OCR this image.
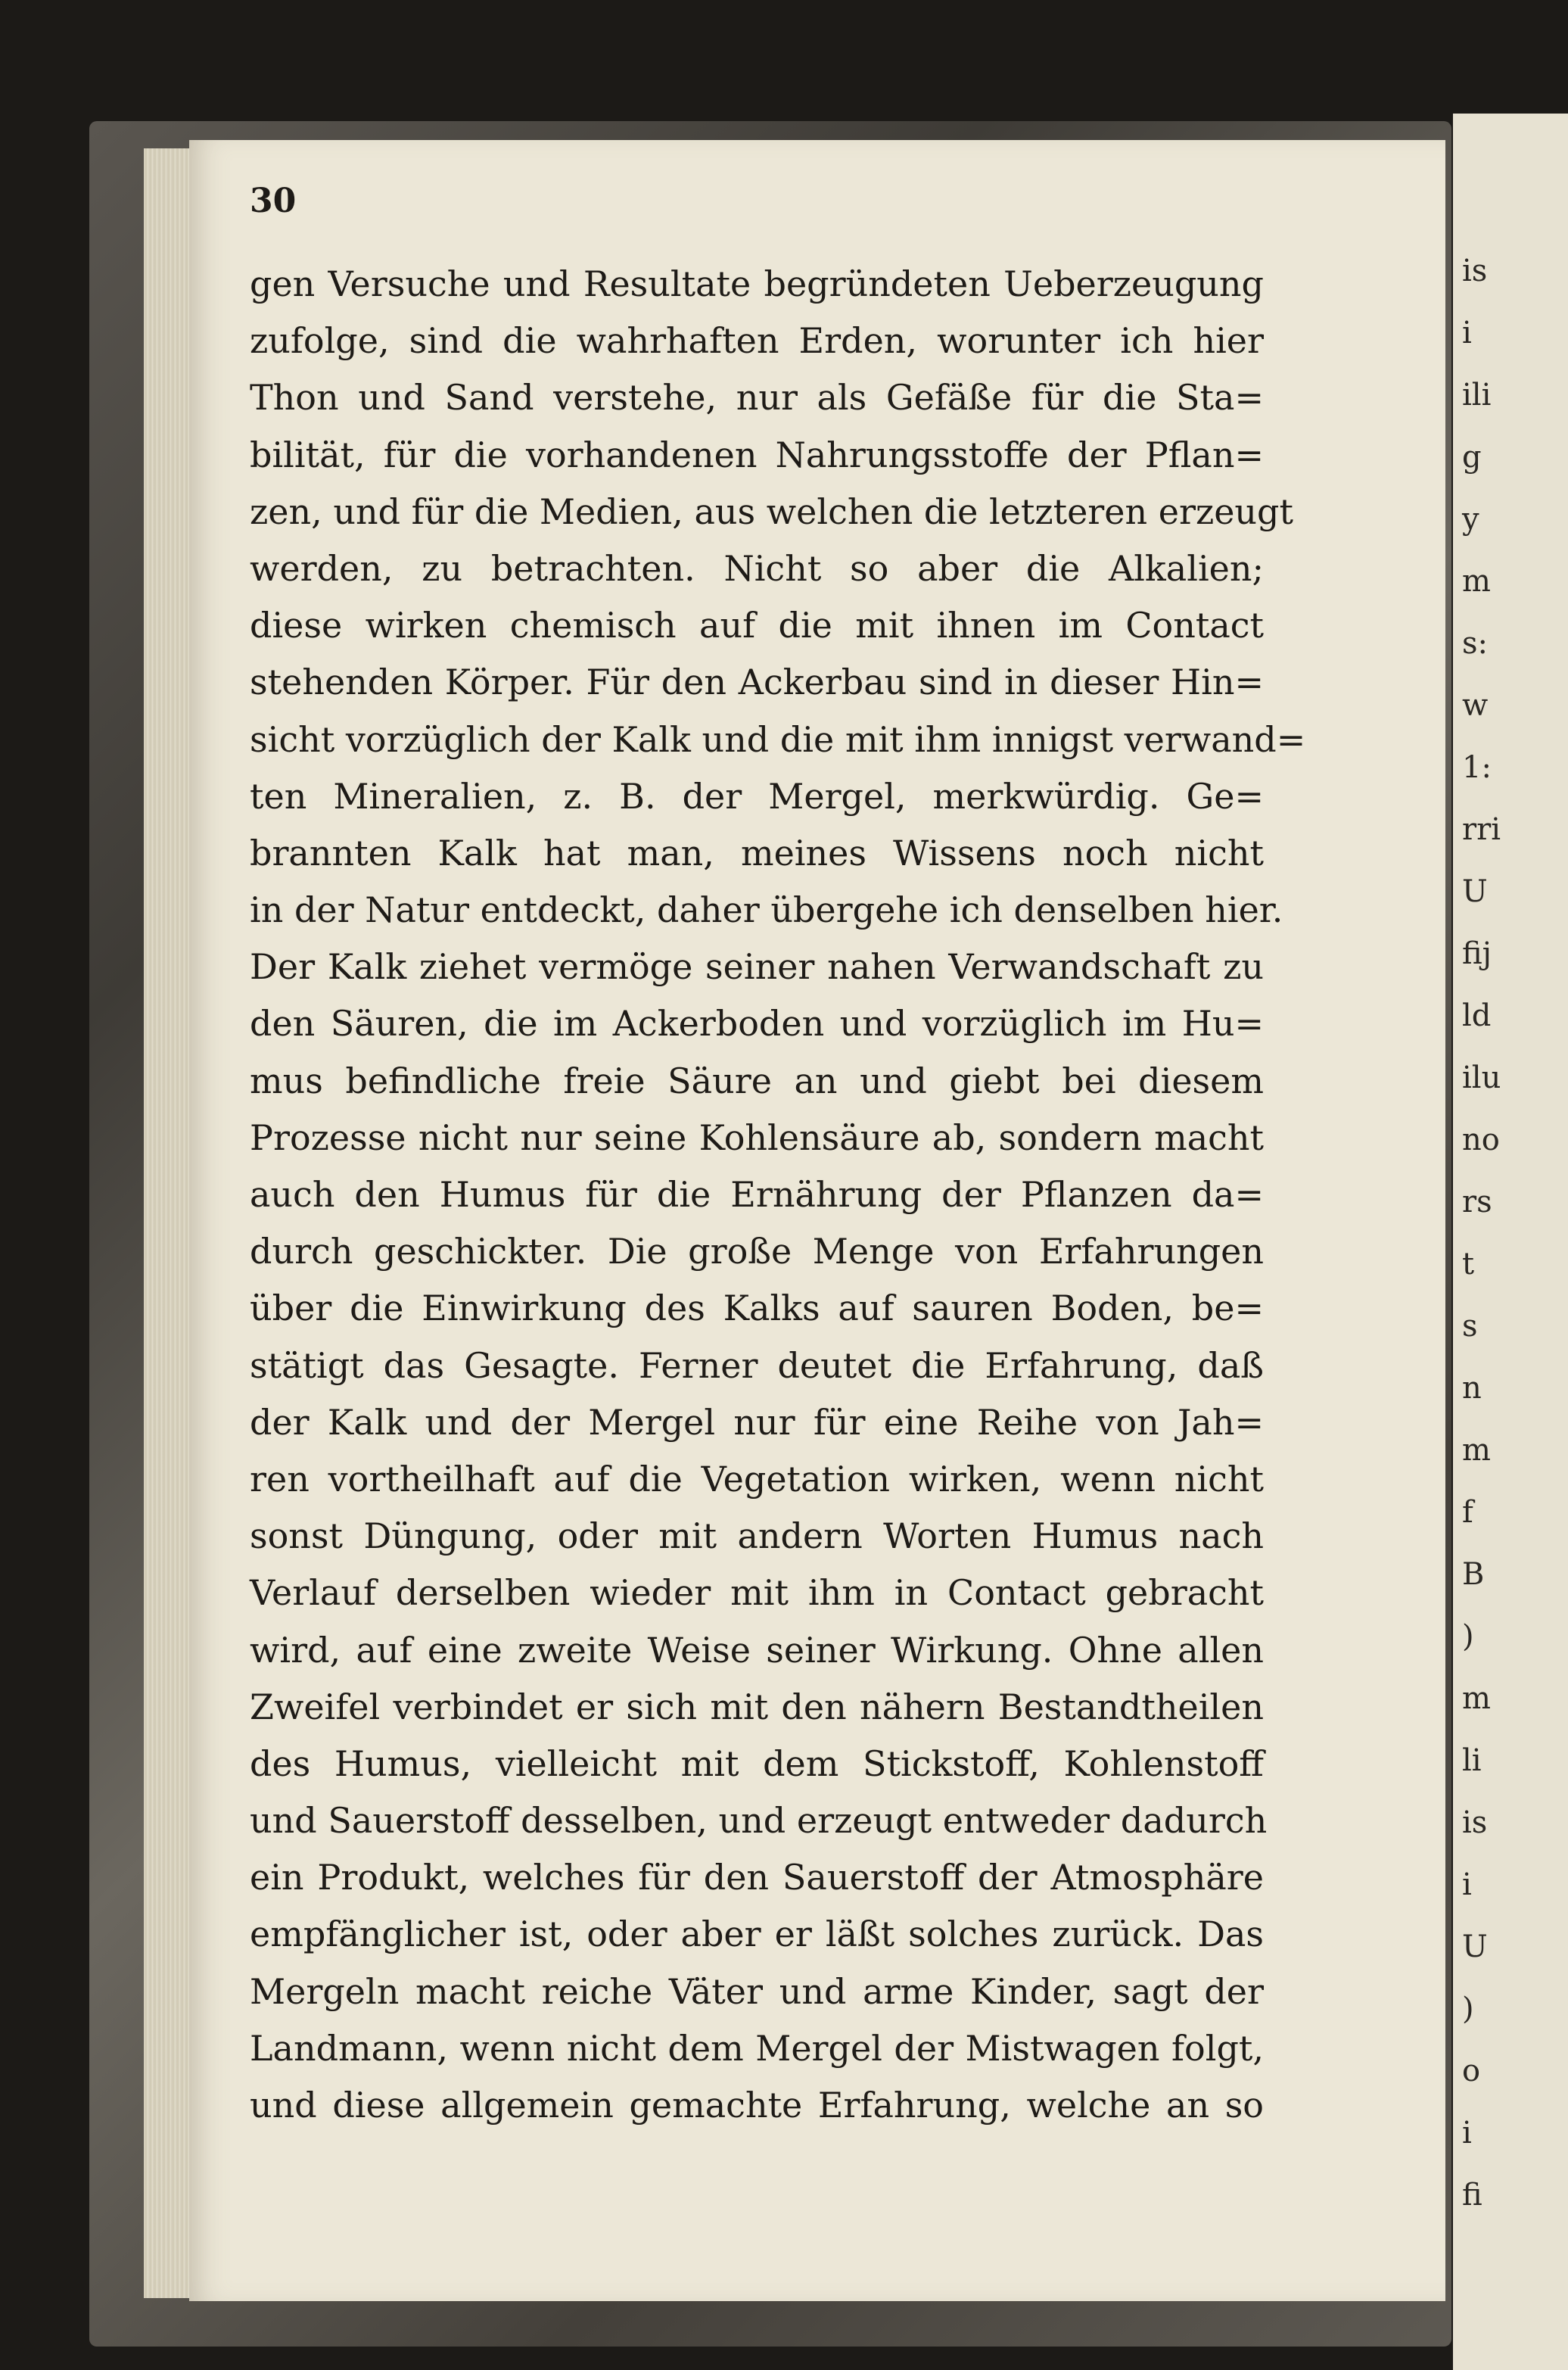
is
i
ili
g
y
m
s:
w
1:
rri
U
fij
ld
ilu
no
rs
t
s
n
m
f
B
)
m
li
is
i
U
)
o
i
fi
30
gen Versuche und Resultate begründeten Ueberzeugung
zufolge, sind die wahrhaften Erden, worunter ich hier
Thon und Sand verstehe, nur als Gefäße für die Sta=
bilität, für die vorhandenen Nahrungsstoffe der Pflan=
zen, und für die Medien, aus welchen die letzteren erzeugt
werden, zu betrachten. Nicht so aber die Alkalien;
diese wirken chemisch auf die mit ihnen im Contact
stehenden Körper. Für den Ackerbau sind in dieser Hin=
sicht vorzüglich der Kalk und die mit ihm innigst verwand=
ten Mineralien, z. B. der Mergel, merkwürdig. Ge=
brannten Kalk hat man, meines Wissens noch nicht
in der Natur entdeckt, daher übergehe ich denselben hier.
Der Kalk ziehet vermöge seiner nahen Verwandschaft zu
den Säuren, die im Ackerboden und vorzüglich im Hu=
mus befindliche freie Säure an und giebt bei diesem
Prozesse nicht nur seine Kohlensäure ab, sondern macht
auch den Humus für die Ernährung der Pflanzen da=
durch geschickter. Die große Menge von Erfahrungen
über die Einwirkung des Kalks auf sauren Boden, be=
stätigt das Gesagte. Ferner deutet die Erfahrung, daß
der Kalk und der Mergel nur für eine Reihe von Jah=
ren vortheilhaft auf die Vegetation wirken, wenn nicht
sonst Düngung, oder mit andern Worten Humus nach
Verlauf derselben wieder mit ihm in Contact gebracht
wird, auf eine zweite Weise seiner Wirkung. Ohne allen
Zweifel verbindet er sich mit den nähern Bestandtheilen
des Humus, vielleicht mit dem Stickstoff, Kohlenstoff
und Sauerstoff desselben, und erzeugt entweder dadurch
ein Produkt, welches für den Sauerstoff der Atmosphäre
empfänglicher ist, oder aber er läßt solches zurück. Das
Mergeln macht reiche Väter und arme Kinder, sagt der
Landmann, wenn nicht dem Mergel der Mistwagen folgt,
und diese allgemein gemachte Erfahrung, welche an so
